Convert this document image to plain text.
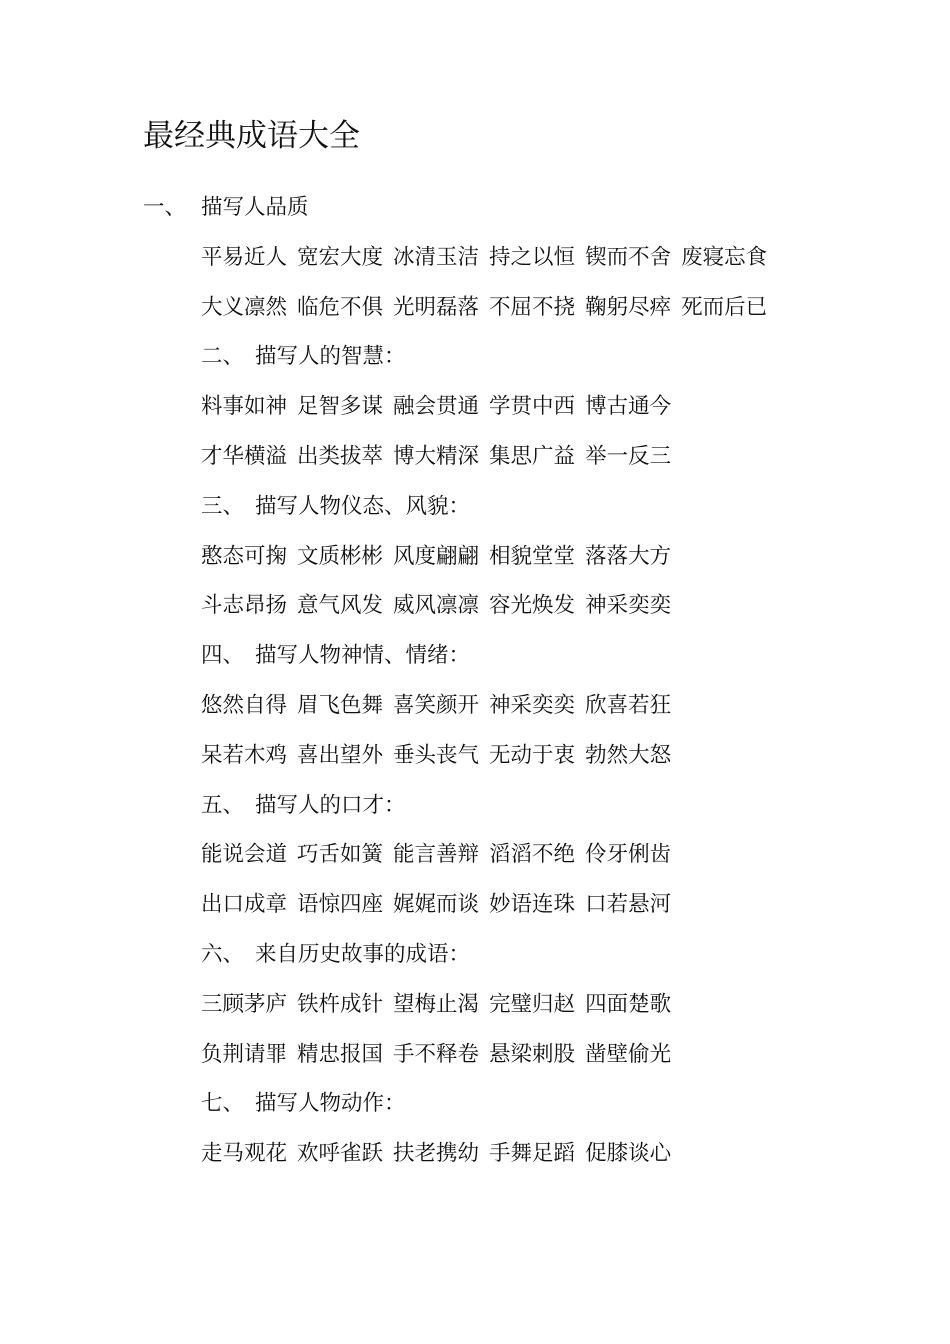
最经典成语大全
一、 描写人品质
平易近人 宽宏大度 冰清玉洁 持之以恒 锲而不舍 废寝忘食
大义凛然 临危不俱 光明磊落 不屈不挠 鞠躬尽瘁 死而后已
二、 描写人的智慧：
料事如神 足智多谋 融会贯通 学贯中西 博古通今
才华横溢 出类拔萃 博大精深 集思广益 举一反三
三、 描写人物仪态、风貌：
憨态可掬 文质彬彬 风度翩翩 相貌堂堂 落落大方
斗志昂扬 意气风发 威风凛凛 容光焕发 神采奕奕
四、 描写人物神情、情绪：
悠然自得 眉飞色舞 喜笑颜开 神采奕奕 欣喜若狂
呆若木鸡 喜出望外 垂头丧气 无动于衷 勃然大怒
五、 描写人的口才：
能说会道 巧舌如簧 能言善辩 滔滔不绝 伶牙俐齿
出口成章 语惊四座 娓娓而谈 妙语连珠 口若悬河
六、 来自历史故事的成语：
三顾茅庐 铁杵成针 望梅止渴 完璧归赵 四面楚歌
负荆请罪 精忠报国 手不释卷 悬梁刺股 凿壁偷光
七、 描写人物动作：
走马观花 欢呼雀跃 扶老携幼 手舞足蹈 促膝谈心
